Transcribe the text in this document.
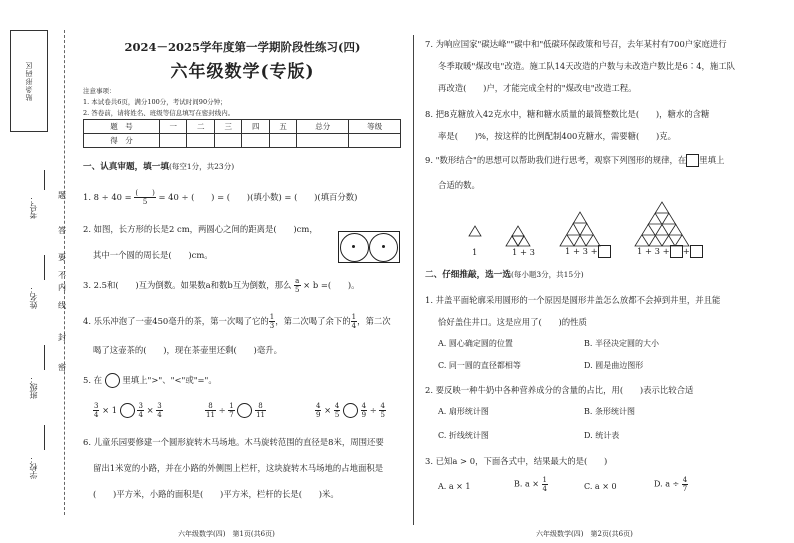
贴条形码区
考号：
姓名：
班级：
学校：
题
答
要
不
内
线
封
密
2024－2025学年度第一学期阶段性练习(四)
六年级数学(专版)
注意事项：
1. 本试卷共6页，满分100分，考试时间90分钟；
2. 答卷前，请将姓名、班级等信息填写在密封线内。
题　号	一	二	三	四	五	总分	等级
得　分							
一、认真审题，填一填(每空1分，共23分)
1. $8 \div 40 = \frac{( )}{5} = 40$ ÷ (　　) = (　　)(填小数) = (　　)(填百分数)
2. 如图，长方形的长是2 cm，两圆心之间的距离是(　　)cm，
其中一个圆的周长是(　　)cm。
3. 2.5和(　　)互为倒数。如果数a和数b互为倒数，那么 $\frac{a}{5} \times b$ =(　　)。
4. 乐乐冲泡了一壶450毫升的茶，第一次喝了它的 $\frac{1}{3}$ ，第二次喝了余下的 $\frac{1}{4}$ ，第二次
喝了这壶茶的(　　)，现在茶壶里还剩(　　)毫升。
5. 在 里填上">"、"<"或"="。
$\frac{3}{4} \times 1$	$\frac{3}{4} \times \frac{3}{4}$	$\frac{8}{11} \div \frac{1}{7}$
	$\frac{8}{11}$	$\frac{4}{9} \times \frac{4}{5}$
	$\frac{4}{9} \div \frac{4}{5}$
6. 儿童乐园要修建一个圆形旋转木马场地。木马旋转范围的直径是8米，周围还要
留出1米宽的小路，并在小路的外侧围上栏杆，这块旋转木马场地的占地面积是
(　　)平方米，小路的面积是(　　)平方米，栏杆的长是(　　)米。
六年级数学(四)　第1页(共6页)
7. 为响应国家"碳达峰""碳中和"低碳环保政策和号召，去年某村有700户家庭进行
冬季取暖"煤改电"改造。施工队14天改造的户数与未改造户数比是6∶4，施工队
再改造(　　)户，才能完成全村的"煤改电"改造工程。
8. 把8克糖放入42克水中，糖和糖水质量的最简整数比是(　　)，糖水的含糖
率是(　　)%，按这样的比例配制400克糖水，需要糖(　　)克。
9. "数形结合"的思想可以帮助我们进行思考，观察下列图形的规律，在 里填上
合适的数。
1	1 + 3	1 + 3 +	1 + 3 + +
二、仔细推敲，选一选(每小题3分，共15分)
1. 井盖平面轮廓采用圆形的一个原因是圆形井盖怎么放都不会掉到井里，并且能
恰好盖住井口。这是应用了(　　)的性质
A. 圆心确定圆的位置	B. 半径决定圆的大小
C. 同一圆的直径都相等	D. 圆是曲边图形
2. 要反映一种牛奶中各种营养成分的含量的占比，用(　　)表示比较合适
A. 扇形统计图	B. 条形统计图
C. 折线统计图	D. 统计表
3. 已知a > 0，下面各式中，结果最大的是(　　)
A. a × 1	B. $a \times \frac{1}{4}$	C. a × 0	D. $a \div \frac{4}{7}$
六年级数学(四)　第2页(共6页)
